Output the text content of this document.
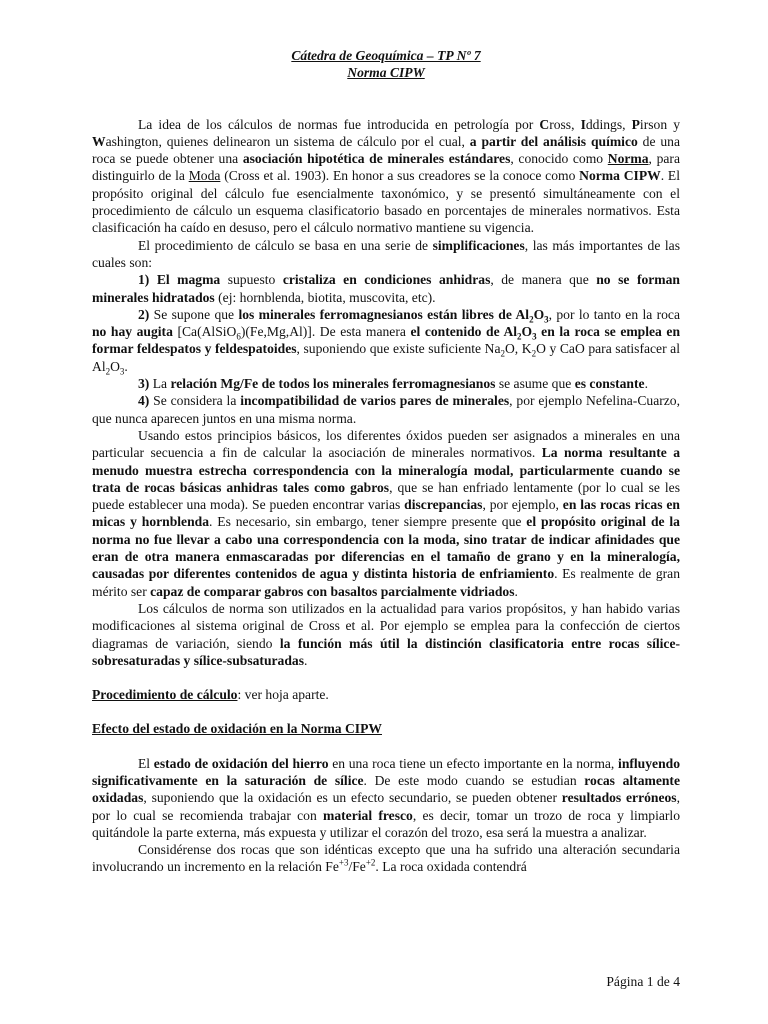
Cátedra de Geoquímica – TP Nº 7

Norma CIPW

La idea de los cálculos de normas fue introducida en petrología por Cross, Iddings, Pirson y Washington, quienes delinearon un sistema de cálculo por el cual, a partir del análisis químico de una roca se puede obtener una asociación hipotética de minerales estándares, conocido como Norma, para distinguirlo de la Moda (Cross et al. 1903). En honor a sus creadores se la conoce como Norma CIPW. El propósito original del cálculo fue esencialmente taxonómico, y se presentó simultáneamente con el procedimiento de cálculo un esquema clasificatorio basado en porcentajes de minerales normativos. Esta clasificación ha caído en desuso, pero el cálculo normativo mantiene su vigencia.

El procedimiento de cálculo se basa en una serie de simplificaciones, las más importantes de las cuales son:

1) El magma supuesto cristaliza en condiciones anhidras, de manera que no se forman minerales hidratados (ej: hornblenda, biotita, muscovita, etc).

2) Se supone que los minerales ferromagnesianos están libres de $Al_2O_3$, por lo tanto en la roca no hay augita [Ca(AlSiO$_6$)(Fe,Mg,Al)]. De esta manera el contenido de $Al_2O_3$ en la roca se emplea en formar feldespatos y feldespatoides, suponiendo que existe suficiente $Na_2O$, $K_2O$ y CaO para satisfacer al $Al_2O_3$.

3) La relación Mg/Fe de todos los minerales ferromagnesianos se asume que es constante.

4) Se considera la incompatibilidad de varios pares de minerales, por ejemplo Nefelina-Cuarzo, que nunca aparecen juntos en una misma norma.

Usando estos principios básicos, los diferentes óxidos pueden ser asignados a minerales en una particular secuencia a fin de calcular la asociación de minerales normativos. La norma resultante a menudo muestra estrecha correspondencia con la mineralogía modal, particularmente cuando se trata de rocas básicas anhidras tales como gabros, que se han enfriado lentamente (por lo cual se les puede establecer una moda). Se pueden encontrar varias discrepancias, por ejemplo, en las rocas ricas en micas y hornblenda. Es necesario, sin embargo, tener siempre presente que el propósito original de la norma no fue llevar a cabo una correspondencia con la moda, sino tratar de indicar afinidades que eran de otra manera enmascaradas por diferencias en el tamaño de grano y en la mineralogía, causadas por diferentes contenidos de agua y distinta historia de enfriamiento. Es realmente de gran mérito ser capaz de comparar gabros con basaltos parcialmente vidriados.

Los cálculos de norma son utilizados en la actualidad para varios propósitos, y han habido varias modificaciones al sistema original de Cross et al. Por ejemplo se emplea para la confección de ciertos diagramas de variación, siendo la función más útil la distinción clasificatoria entre rocas sílice-sobresaturadas y sílice-subsaturadas.

Procedimiento de cálculo: ver hoja aparte.

Efecto del estado de oxidación en la Norma CIPW

El estado de oxidación del hierro en una roca tiene un efecto importante en la norma, influyendo significativamente en la saturación de sílice. De este modo cuando se estudian rocas altamente oxidadas, suponiendo que la oxidación es un efecto secundario, se pueden obtener resultados erróneos, por lo cual se recomienda trabajar con material fresco, es decir, tomar un trozo de roca y limpiarlo quitándole la parte externa, más expuesta y utilizar el corazón del trozo, esa será la muestra a analizar.

Considérense dos rocas que son idénticas excepto que una ha sufrido una alteración secundaria involucrando un incremento en la relación $Fe^{+3}/Fe^{+2}$. La roca oxidada contendrá

Página 1 de 4
